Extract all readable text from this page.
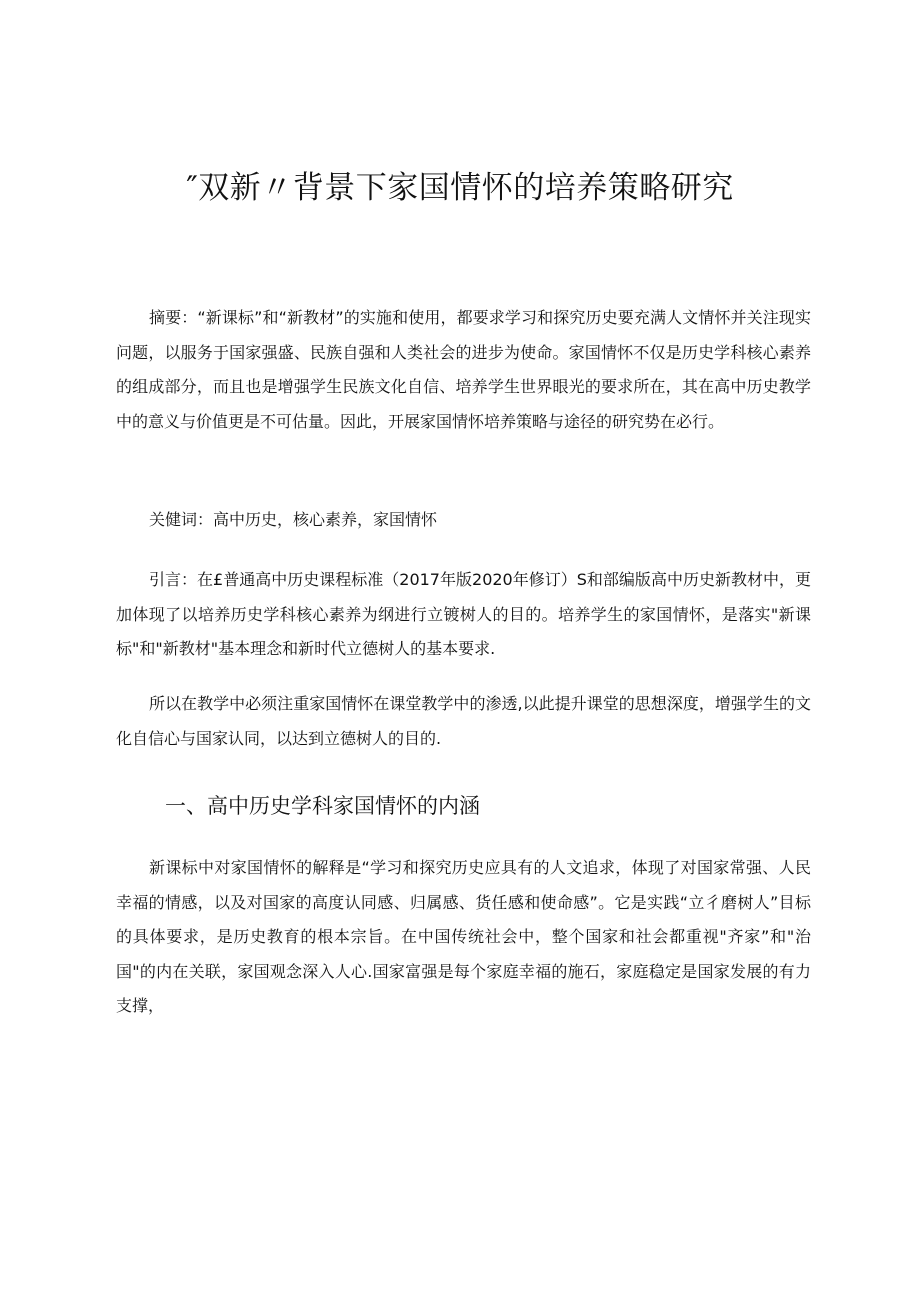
″双新〃背景下家国情怀的培养策略研究

摘要：“新课标”和“新教材”的实施和使用，都要求学习和探究历史要充满人文情怀并关注现实问题，以服务于国家强盛、民族自强和人类社会的进步为使命。家国情怀不仅是历史学科核心素养的组成部分，而且也是增强学生民族文化自信、培养学生世界眼光的要求所在，其在高中历史教学中的意义与价值更是不可估量。因此，开展家国情怀培养策略与途径的研究势在必行。

关健词：高中历史，核心素养，家国情怀

引言：在£普通高中历史课程标准（2017年版2020年修订）S和部编版高中历史新教材中，更加体现了以培养历史学科核心素养为纲进行立镀树人的目的。培养学生的家国情怀，是落实"新课标"和"新教材"基本理念和新时代立德树人的基本要求.

所以在教学中必须注重家国情怀在课堂教学中的渗透,以此提升课堂的思想深度，增强学生的文化自信心与国家认同，以达到立德树人的目的.

一、高中历史学科家国情怀的内涵

新课标中对家国情怀的解释是“学习和探究历史应具有的人文追求，体现了对国家常强、人民幸福的情感，以及对国家的高度认同感、归属感、货任感和使命感”。它是实践“立彳磨树人”目标的具体要求，是历史教育的根本宗旨。在中国传统社会中，整个国家和社会都重视"齐家”和"治国"的内在关联，家国观念深入人心.国家富强是每个家庭幸福的施石，家庭稳定是国家发展的有力支撑，
